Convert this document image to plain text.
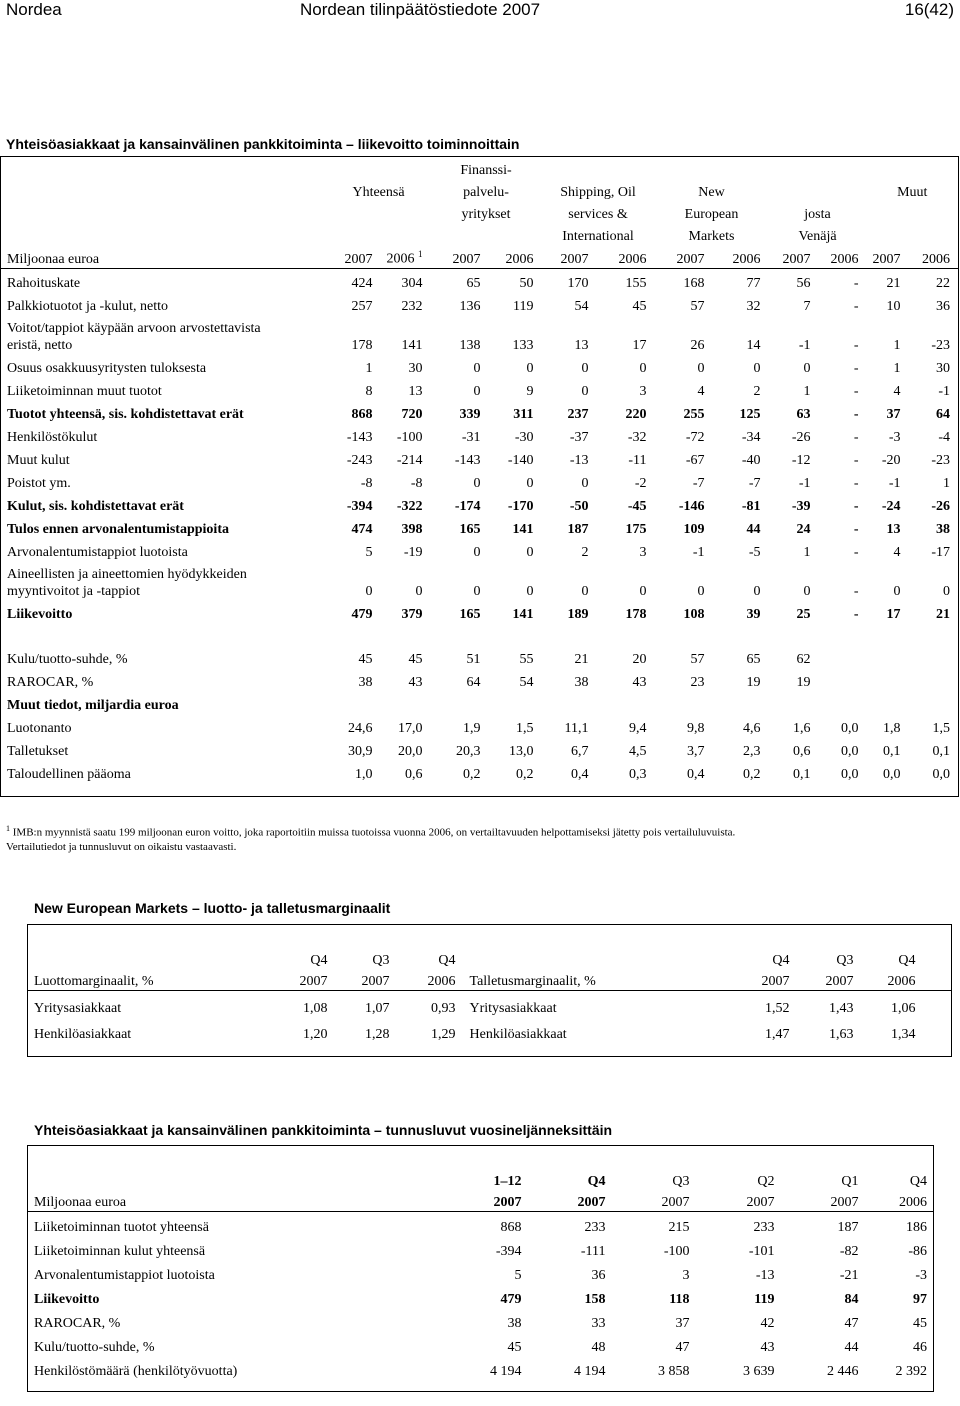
Nordea	Nordean tilinpäätöstiedote 2007	16(42)
Yhteisöasiakkaat ja kansainvälinen pankkitoiminta – liikevoitto toiminnoittain
			Finanssi-									
	Yhteensä		palvelu-		Shipping, Oil		New				Muut	
			yritykset		services &		European		josta			
					International		Markets		Venäjä			
Miljoonaa euroa	2007	2006 $^1$	2007	2006	2007	2006	2007	2006	2007	2006	2007	2006
Rahoituskate	424	304	65	50	170	155	168	77	56	-	21	22
Palkkiotuotot ja -kulut, netto	257	232	136	119	54	45	57	32	7	-	10	36

Voitot/tappiot käypään arvoon arvostettavista
eristä, netto	178	141	138	133	13	17	26	14	-1	-	1	-23
Osuus osakkuusyritysten tuloksesta	1	30	0	0	0	0	0	0	0	-	1	30
Liiketoiminnan muut tuotot	8	13	0	9	0	3	4	2	1	-	4	-1
Tuotot yhteensä, sis. kohdistettavat erät	868	720	339	311	237	220	255	125	63	-	37	64
Henkilöstökulut	-143	-100	-31	-30	-37	-32	-72	-34	-26	-	-3	-4
Muut kulut	-243	-214	-143	-140	-13	-11	-67	-40	-12	-	-20	-23
Poistot ym.	-8	-8	0	0	0	-2	-7	-7	-1	-	-1	1
Kulut, sis. kohdistettavat erät	-394	-322	-174	-170	-50	-45	-146	-81	-39	-	-24	-26
Tulos ennen arvonalentumistappioita	474	398	165	141	187	175	109	44	24	-	13	38
Arvonalentumistappiot luotoista	5	-19	0	0	2	3	-1	-5	1	-	4	-17

Aineellisten ja aineettomien hyödykkeiden
myyntivoitot ja -tappiot	0	0	0	0	0	0	0	0	0	-	0	0
Liikevoitto	479	379	165	141	189	178	108	39	25	-	17	21

Kulu/tuotto-suhde, %	45	45	51	55	21	20	57	65	62			
RAROCAR, %	38	43	64	54	38	43	23	19	19			
Muut tiedot, miljardia euroa												
Luotonanto	24,6	17,0	1,9	1,5	11,1	9,4	9,8	4,6	1,6	0,0	1,8	1,5
Talletukset	30,9	20,0	20,3	13,0	6,7	4,5	3,7	2,3	0,6	0,0	0,1	0,1
Taloudellinen pääoma	1,0	0,6	0,2	0,2	0,4	0,3	0,4	0,2	0,1	0,0	0,0	0,0

$^1$ IMB:n myynnistä saatu 199 miljoonan euron voitto, joka raportoitiin muissa tuotoissa vuonna 2006, on vertailtavuuden helpottamiseksi jätetty pois vertailuluvuista.
Vertailutiedot ja tunnusluvut on oikaistu vastaavasti.
New European Markets – luotto- ja talletusmarginaalit

	Q4	Q3	Q4		Q4	Q3	Q4	
Luottomarginaalit, %	2007	2007	2006	Talletusmarginaalit, %	2007	2007	2006	
Yritysasiakkaat	1,08	1,07	0,93	Yritysasiakkaat	1,52	1,43	1,06	
Henkilöasiakkaat	1,20	1,28	1,29	Henkilöasiakkaat	1,47	1,63	1,34	

Yhteisöasiakkaat ja kansainvälinen pankkitoiminta – tunnusluvut vuosineljänneksittäin

	1–12	Q4	Q3	Q2	Q1	Q4
Miljoonaa euroa	2007	2007	2007	2007	2007	2006
Liiketoiminnan tuotot yhteensä	868	233	215	233	187	186
Liiketoiminnan kulut yhteensä	-394	-111	-100	-101	-82	-86
Arvonalentumistappiot luotoista	5	36	3	-13	-21	-3
Liikevoitto	479	158	118	119	84	97
RAROCAR, %	38	33	37	42	47	45
Kulu/tuotto-suhde, %	45	48	47	43	44	46
Henkilöstömäärä (henkilötyövuotta)	4 194	4 194	3 858	3 639	2 446	2 392
